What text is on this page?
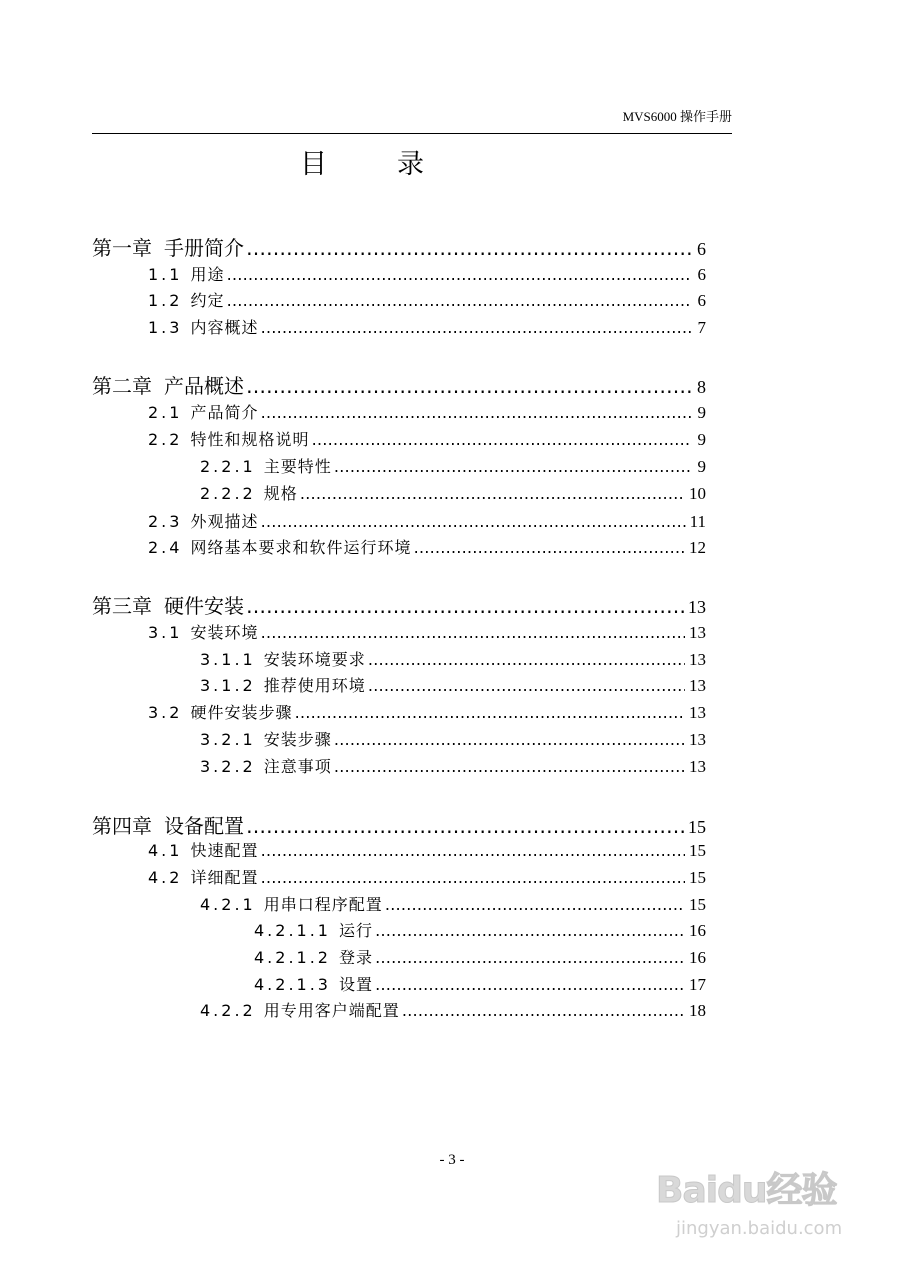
MVS6000 操作手册
目	录
第一章 手册简介 ………………………………………………………………………………………………………………………………………………………………	6
1.1 用途 ………………………………………………………………………………………………………………………………………………………………	6
1.2 约定 ………………………………………………………………………………………………………………………………………………………………	6
1.3 内容概述 ………………………………………………………………………………………………………………………………………………………………	7
第二章 产品概述 ………………………………………………………………………………………………………………………………………………………………	8
2.1 产品简介 ………………………………………………………………………………………………………………………………………………………………	9
2.2 特性和规格说明 ………………………………………………………………………………………………………………………………………………………………	9
2.2.1 主要特性 ………………………………………………………………………………………………………………………………………………………………	9
2.2.2 规格 ………………………………………………………………………………………………………………………………………………………………	10
2.3 外观描述 ………………………………………………………………………………………………………………………………………………………………	11
2.4 网络基本要求和软件运行环境 ………………………………………………………………………………………………………………………………………………………………	12
第三章 硬件安装 ………………………………………………………………………………………………………………………………………………………………	13
3.1 安装环境 ………………………………………………………………………………………………………………………………………………………………	13
3.1.1 安装环境要求 ………………………………………………………………………………………………………………………………………………………………	13
3.1.2 推荐使用环境 ………………………………………………………………………………………………………………………………………………………………	13
3.2 硬件安装步骤 ………………………………………………………………………………………………………………………………………………………………	13
3.2.1 安装步骤 ………………………………………………………………………………………………………………………………………………………………	13
3.2.2 注意事项 ………………………………………………………………………………………………………………………………………………………………	13
第四章 设备配置 ………………………………………………………………………………………………………………………………………………………………	15
4.1 快速配置 ………………………………………………………………………………………………………………………………………………………………	15
4.2 详细配置 ………………………………………………………………………………………………………………………………………………………………	15
4.2.1 用串口程序配置 ………………………………………………………………………………………………………………………………………………………………	15
4.2.1.1 运行 ………………………………………………………………………………………………………………………………………………………………	16
4.2.1.2 登录 ………………………………………………………………………………………………………………………………………………………………	16
4.2.1.3 设置 ………………………………………………………………………………………………………………………………………………………………	17
4.2.2 用专用客户端配置 ………………………………………………………………………………………………………………………………………………………………	18
- 3 -
Baidu经验
jingyan.baidu.com
